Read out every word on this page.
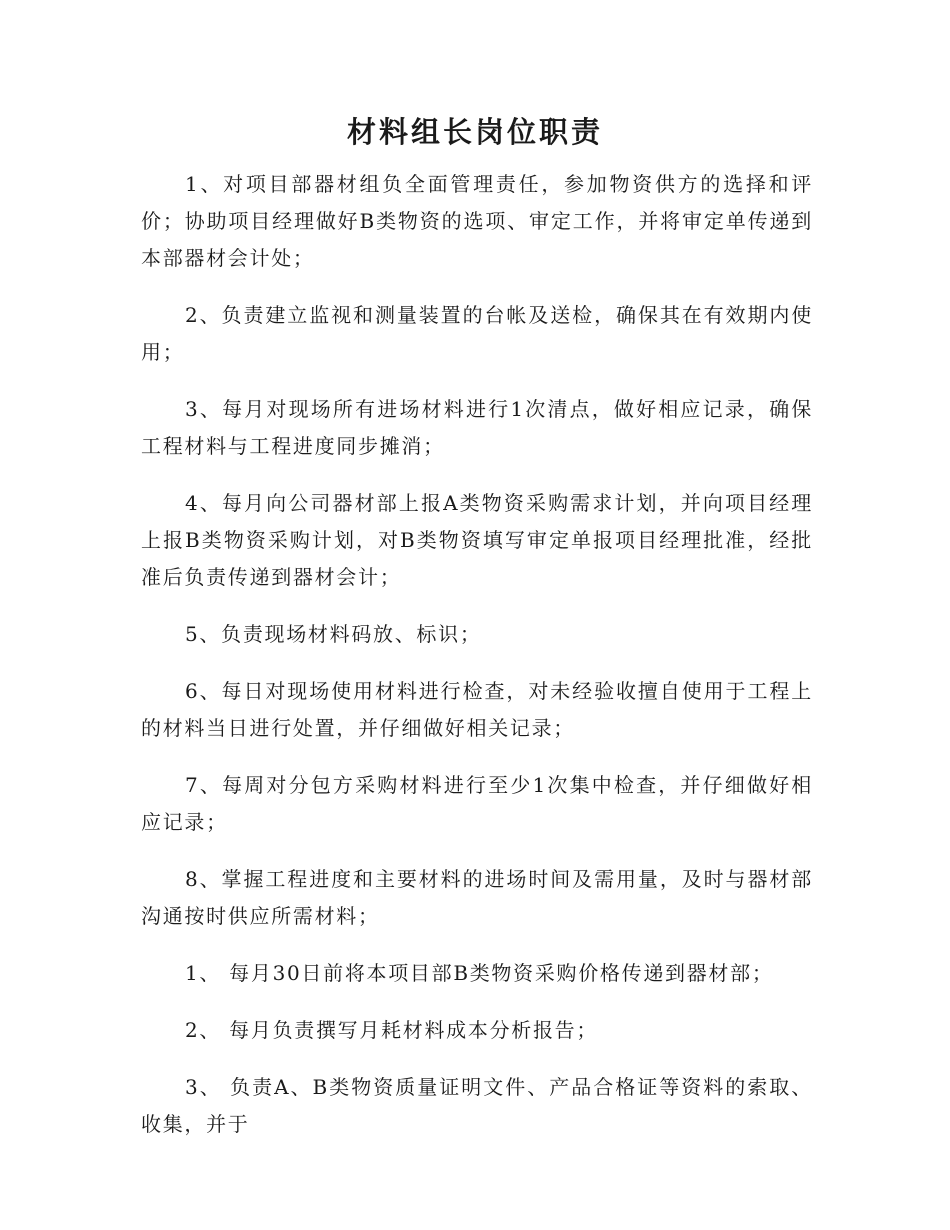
材料组长岗位职责

1、对项目部器材组负全面管理责任，参加物资供方的选择和评价；协助项目经理做好B类物资的选项、审定工作，并将审定单传递到本部器材会计处；

2、负责建立监视和测量装置的台帐及送检，确保其在有效期内使用；

3、每月对现场所有进场材料进行1次清点，做好相应记录，确保工程材料与工程进度同步摊消；

4、每月向公司器材部上报A类物资采购需求计划，并向项目经理上报B类物资采购计划，对B类物资填写审定单报项目经理批准，经批准后负责传递到器材会计；

5、负责现场材料码放、标识；

6、每日对现场使用材料进行检查，对未经验收擅自使用于工程上的材料当日进行处置，并仔细做好相关记录；

7、每周对分包方采购材料进行至少1次集中检查，并仔细做好相应记录；

8、掌握工程进度和主要材料的进场时间及需用量，及时与器材部沟通按时供应所需材料；

1、 每月30日前将本项目部B类物资采购价格传递到器材部；

2、 每月负责撰写月耗材料成本分析报告；

3、 负责A、B类物资质量证明文件、产品合格证等资料的索取、收集，并于
